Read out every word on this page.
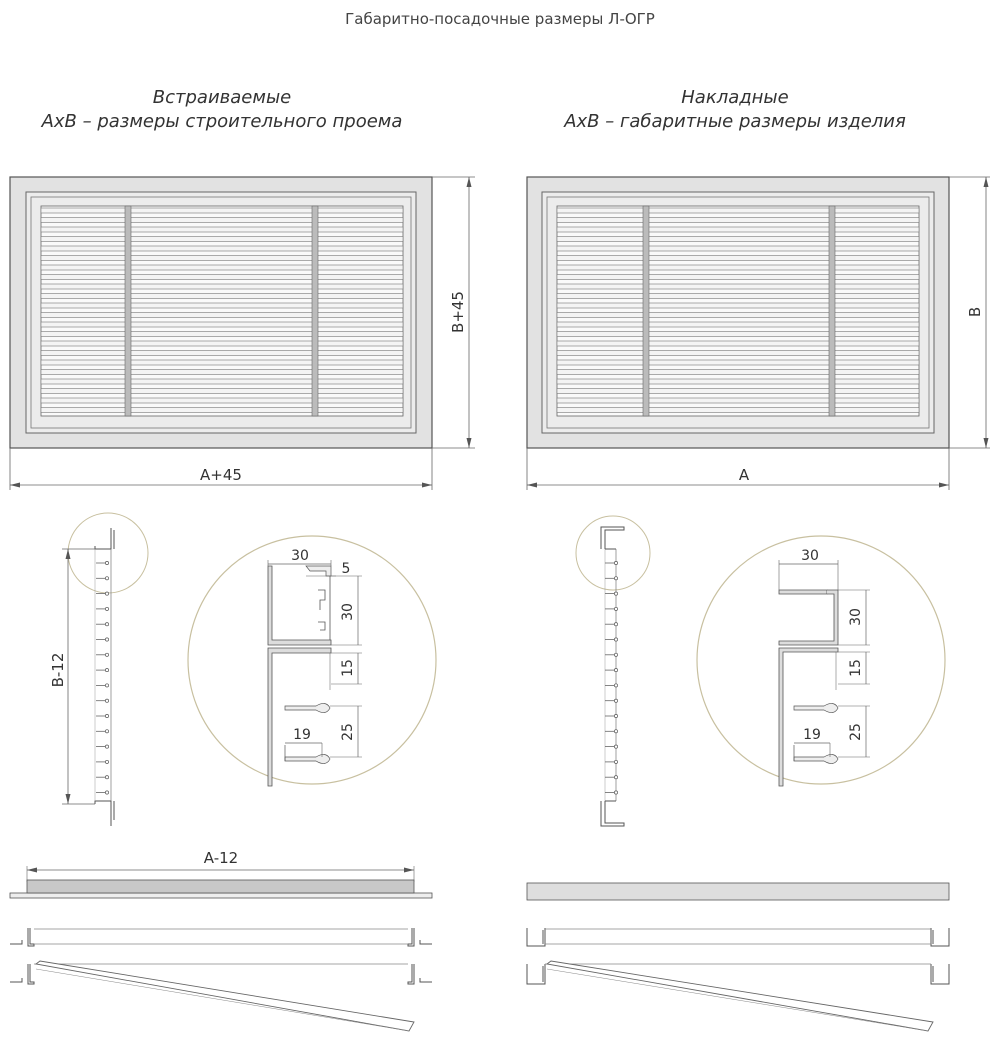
Габаритно-посадочные размеры Л-ОГР
Встраиваемые
АхВ – размеры строительного проема
Накладные
АхВ – габаритные размеры изделия
B+45
A+45
B
A
B-12
30
5
30
15
25
19
30
30
15
25
19
A-12
